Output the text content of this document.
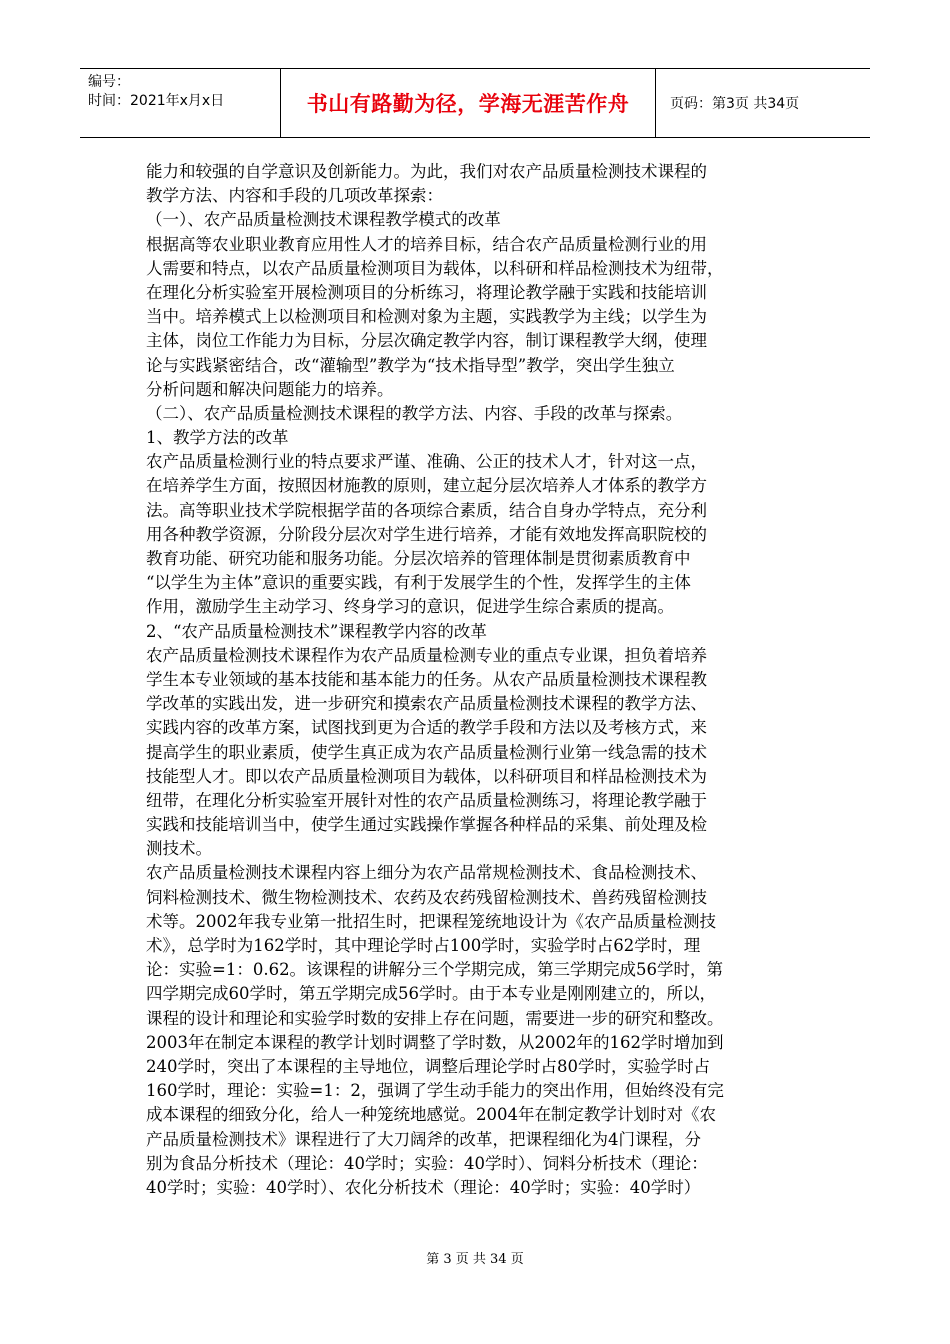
编号：
时间：2021年x月x日	书山有路勤为径，学海无涯苦作舟	页码：第3页 共34页
能力和较强的自学意识及创新能力。为此，我们对农产品质量检测技术课程的
教学方法、内容和手段的几项改革探索：
（一）、农产品质量检测技术课程教学模式的改革
根据高等农业职业教育应用性人才的培养目标，结合农产品质量检测行业的用
人需要和特点，以农产品质量检测项目为载体，以科研和样品检测技术为纽带，
在理化分析实验室开展检测项目的分析练习，将理论教学融于实践和技能培训
当中。培养模式上以检测项目和检测对象为主题，实践教学为主线；以学生为
主体，岗位工作能力为目标，分层次确定教学内容，制订课程教学大纲，使理
论与实践紧密结合，改“灌输型”教学为“技术指导型”教学，突出学生独立
分析问题和解决问题能力的培养。
（二）、农产品质量检测技术课程的教学方法、内容、手段的改革与探索。
1、教学方法的改革
农产品质量检测行业的特点要求严谨、准确、公正的技术人才，针对这一点，
在培养学生方面，按照因材施教的原则，建立起分层次培养人才体系的教学方
法。高等职业技术学院根据学苗的各项综合素质，结合自身办学特点，充分利
用各种教学资源，分阶段分层次对学生进行培养，才能有效地发挥高职院校的
教育功能、研究功能和服务功能。分层次培养的管理体制是贯彻素质教育中
“以学生为主体”意识的重要实践，有利于发展学生的个性，发挥学生的主体
作用，激励学生主动学习、终身学习的意识，促进学生综合素质的提高。
2、“农产品质量检测技术”课程教学内容的改革
农产品质量检测技术课程作为农产品质量检测专业的重点专业课，担负着培养
学生本专业领域的基本技能和基本能力的任务。从农产品质量检测技术课程教
学改革的实践出发，进一步研究和摸索农产品质量检测技术课程的教学方法、
实践内容的改革方案，试图找到更为合适的教学手段和方法以及考核方式，来
提高学生的职业素质，使学生真正成为农产品质量检测行业第一线急需的技术
技能型人才。即以农产品质量检测项目为载体，以科研项目和样品检测技术为
纽带，在理化分析实验室开展针对性的农产品质量检测练习，将理论教学融于
实践和技能培训当中，使学生通过实践操作掌握各种样品的采集、前处理及检
测技术。
农产品质量检测技术课程内容上细分为农产品常规检测技术、食品检测技术、
饲料检测技术、微生物检测技术、农药及农药残留检测技术、兽药残留检测技
术等。2002年我专业第一批招生时，把课程笼统地设计为《农产品质量检测技
术》，总学时为162学时，其中理论学时占100学时，实验学时占62学时，理
论：实验=1：0.62。该课程的讲解分三个学期完成，第三学期完成56学时，第
四学期完成60学时，第五学期完成56学时。由于本专业是刚刚建立的，所以，
课程的设计和理论和实验学时数的安排上存在问题，需要进一步的研究和整改。
2003年在制定本课程的教学计划时调整了学时数，从2002年的162学时增加到
240学时，突出了本课程的主导地位，调整后理论学时占80学时，实验学时占
160学时，理论：实验=1：2，强调了学生动手能力的突出作用，但始终没有完
成本课程的细致分化，给人一种笼统地感觉。2004年在制定教学计划时对《农
产品质量检测技术》课程进行了大刀阔斧的改革，把课程细化为4门课程，分
别为食品分析技术（理论：40学时；实验：40学时）、饲料分析技术（理论：
40学时；实验：40学时）、农化分析技术（理论：40学时；实验：40学时）
第 3 页 共 34 页
